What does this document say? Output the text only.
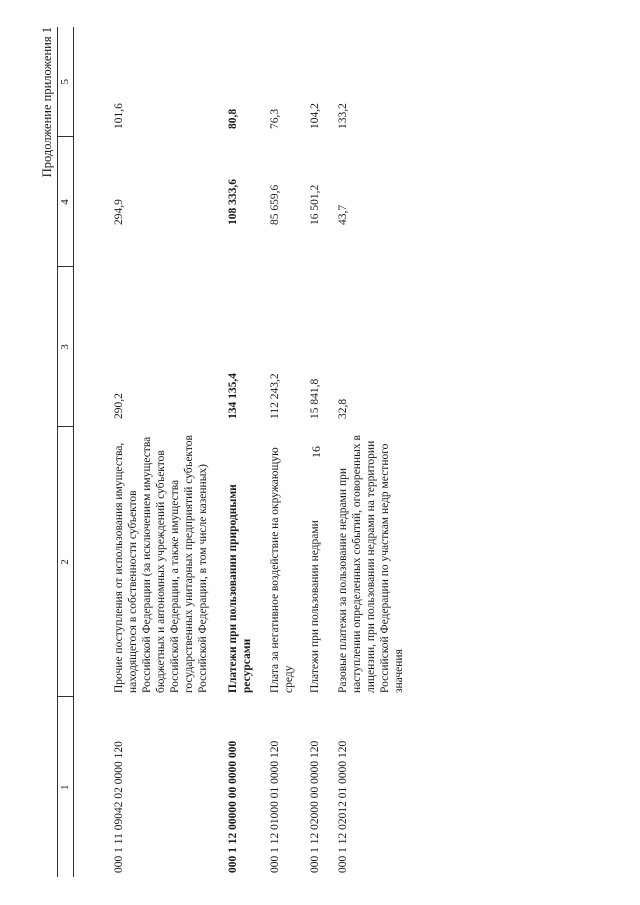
16
Продолжение приложения 1
1	2	3	4	5
000 1 11 09042 02 0000 120	Прочие поступления от использования имущества, находящегося в собственности субъектов Российской Федерации (за исключением имущества бюджетных и автономных учреждений субъектов Российской Федерации, а также имущества государственных унитарных предприятий субъектов Российской Федерации, в том числе казенных)	290,2	294,9	101,6
000 1 12 00000 00 0000 000	Платежи при пользовании природными ресурсами	134 135,4	108 333,6	80,8
000 1 12 01000 01 0000 120	Плата за негативное воздействие на окружающую среду	112 243,2	85 659,6	76,3
000 1 12 02000 00 0000 120	Платежи при пользовании недрами	15 841,8	16 501,2	104,2
000 1 12 02012 01 0000 120	Разовые платежи за пользование недрами при наступлении определенных событий, оговоренных в лицензии, при пользовании недрами на территории Российской Федерации по участкам недр местного значения	32,8	43,7	133,2
